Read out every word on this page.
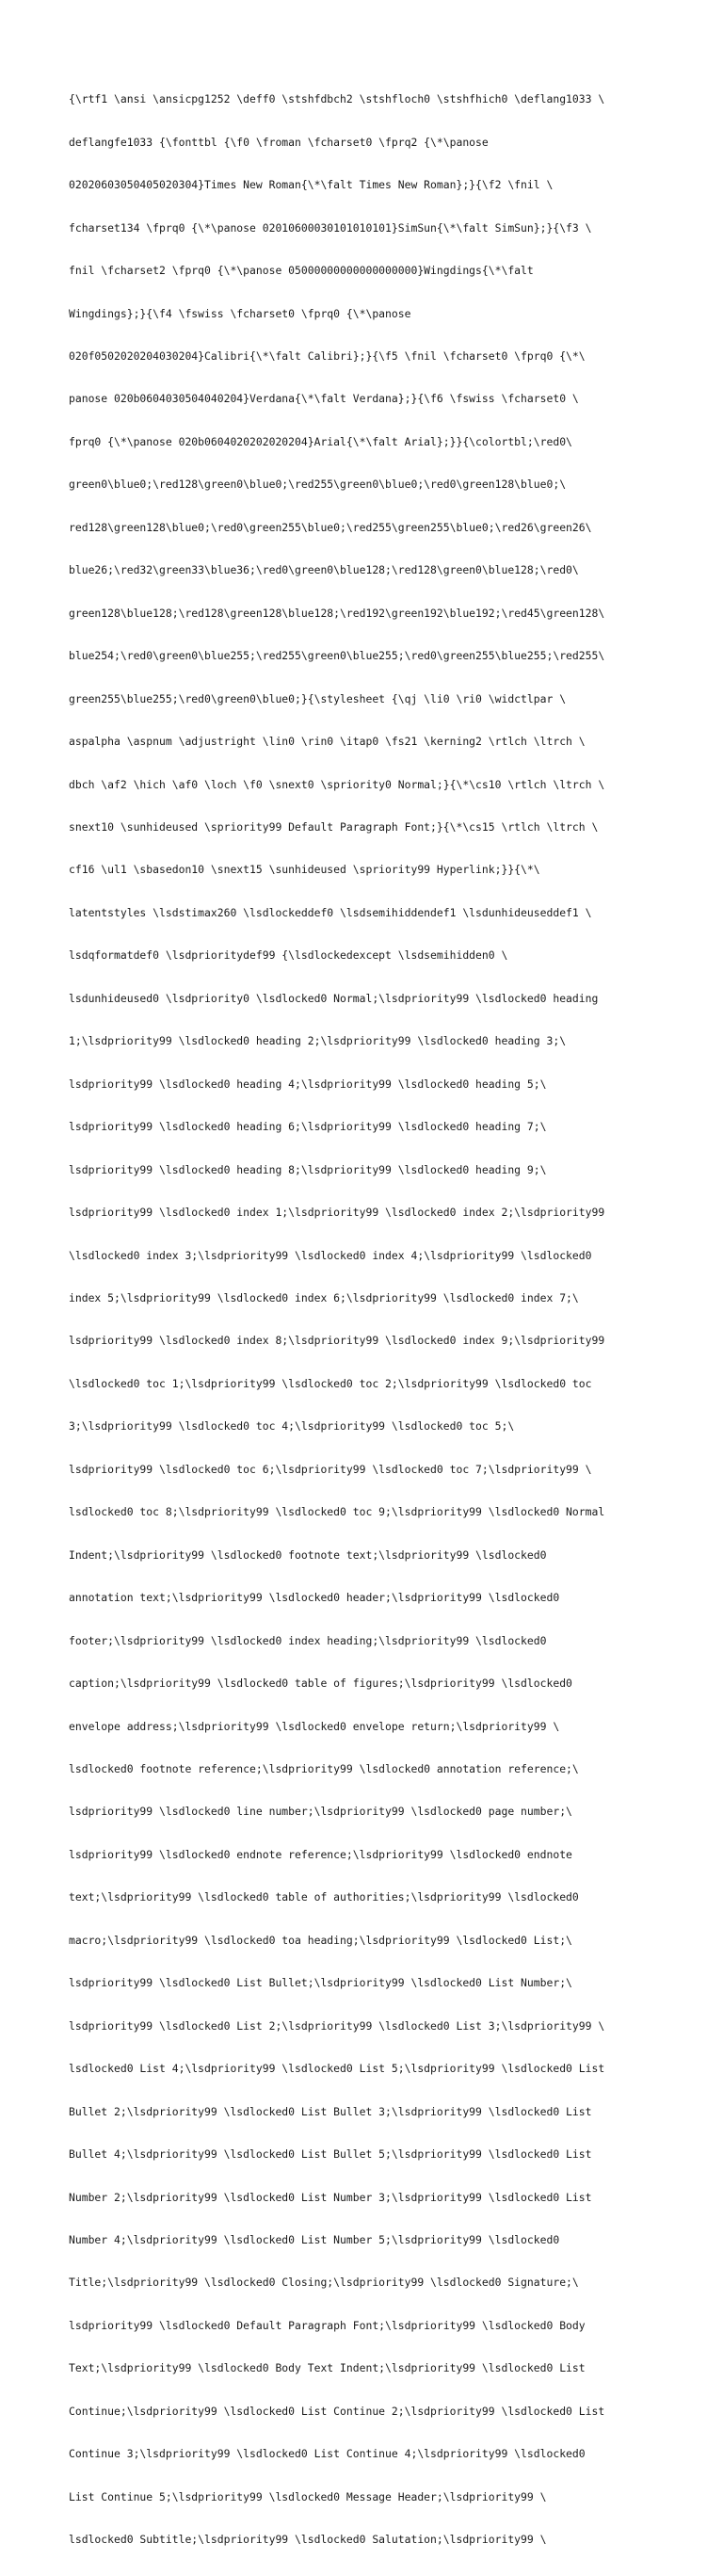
{\rtf1 \ansi \ansicpg1252 \deff0 \stshfdbch2 \stshfloch0 \stshfhich0 \deflang1033 \

deflangfe1033 {\fonttbl {\f0 \froman \fcharset0 \fprq2 {\*\panose

02020603050405020304}Times New Roman{\*\falt Times New Roman};}{\f2 \fnil \

fcharset134 \fprq0 {\*\panose 02010600030101010101}SimSun{\*\falt SimSun};}{\f3 \

fnil \fcharset2 \fprq0 {\*\panose 05000000000000000000}Wingdings{\*\falt

Wingdings};}{\f4 \fswiss \fcharset0 \fprq0 {\*\panose

020f0502020204030204}Calibri{\*\falt Calibri};}{\f5 \fnil \fcharset0 \fprq0 {\*\

panose 020b0604030504040204}Verdana{\*\falt Verdana};}{\f6 \fswiss \fcharset0 \

fprq0 {\*\panose 020b0604020202020204}Arial{\*\falt Arial};}}{\colortbl;\red0\

green0\blue0;\red128\green0\blue0;\red255\green0\blue0;\red0\green128\blue0;\

red128\green128\blue0;\red0\green255\blue0;\red255\green255\blue0;\red26\green26\

blue26;\red32\green33\blue36;\red0\green0\blue128;\red128\green0\blue128;\red0\

green128\blue128;\red128\green128\blue128;\red192\green192\blue192;\red45\green128\

blue254;\red0\green0\blue255;\red255\green0\blue255;\red0\green255\blue255;\red255\

green255\blue255;\red0\green0\blue0;}{\stylesheet {\qj \li0 \ri0 \widctlpar \

aspalpha \aspnum \adjustright \lin0 \rin0 \itap0 \fs21 \kerning2 \rtlch \ltrch \

dbch \af2 \hich \af0 \loch \f0 \snext0 \spriority0 Normal;}{\*\cs10 \rtlch \ltrch \

snext10 \sunhideused \spriority99 Default Paragraph Font;}{\*\cs15 \rtlch \ltrch \

cf16 \ul1 \sbasedon10 \snext15 \sunhideused \spriority99 Hyperlink;}}{\*\

latentstyles \lsdstimax260 \lsdlockeddef0 \lsdsemihiddendef1 \lsdunhideuseddef1 \

lsdqformatdef0 \lsdprioritydef99 {\lsdlockedexcept \lsdsemihidden0 \

lsdunhideused0 \lsdpriority0 \lsdlocked0 Normal;\lsdpriority99 \lsdlocked0 heading

1;\lsdpriority99 \lsdlocked0 heading 2;\lsdpriority99 \lsdlocked0 heading 3;\

lsdpriority99 \lsdlocked0 heading 4;\lsdpriority99 \lsdlocked0 heading 5;\

lsdpriority99 \lsdlocked0 heading 6;\lsdpriority99 \lsdlocked0 heading 7;\

lsdpriority99 \lsdlocked0 heading 8;\lsdpriority99 \lsdlocked0 heading 9;\

lsdpriority99 \lsdlocked0 index 1;\lsdpriority99 \lsdlocked0 index 2;\lsdpriority99

\lsdlocked0 index 3;\lsdpriority99 \lsdlocked0 index 4;\lsdpriority99 \lsdlocked0

index 5;\lsdpriority99 \lsdlocked0 index 6;\lsdpriority99 \lsdlocked0 index 7;\

lsdpriority99 \lsdlocked0 index 8;\lsdpriority99 \lsdlocked0 index 9;\lsdpriority99

\lsdlocked0 toc 1;\lsdpriority99 \lsdlocked0 toc 2;\lsdpriority99 \lsdlocked0 toc

3;\lsdpriority99 \lsdlocked0 toc 4;\lsdpriority99 \lsdlocked0 toc 5;\

lsdpriority99 \lsdlocked0 toc 6;\lsdpriority99 \lsdlocked0 toc 7;\lsdpriority99 \

lsdlocked0 toc 8;\lsdpriority99 \lsdlocked0 toc 9;\lsdpriority99 \lsdlocked0 Normal

Indent;\lsdpriority99 \lsdlocked0 footnote text;\lsdpriority99 \lsdlocked0

annotation text;\lsdpriority99 \lsdlocked0 header;\lsdpriority99 \lsdlocked0

footer;\lsdpriority99 \lsdlocked0 index heading;\lsdpriority99 \lsdlocked0

caption;\lsdpriority99 \lsdlocked0 table of figures;\lsdpriority99 \lsdlocked0

envelope address;\lsdpriority99 \lsdlocked0 envelope return;\lsdpriority99 \

lsdlocked0 footnote reference;\lsdpriority99 \lsdlocked0 annotation reference;\

lsdpriority99 \lsdlocked0 line number;\lsdpriority99 \lsdlocked0 page number;\

lsdpriority99 \lsdlocked0 endnote reference;\lsdpriority99 \lsdlocked0 endnote

text;\lsdpriority99 \lsdlocked0 table of authorities;\lsdpriority99 \lsdlocked0

macro;\lsdpriority99 \lsdlocked0 toa heading;\lsdpriority99 \lsdlocked0 List;\

lsdpriority99 \lsdlocked0 List Bullet;\lsdpriority99 \lsdlocked0 List Number;\

lsdpriority99 \lsdlocked0 List 2;\lsdpriority99 \lsdlocked0 List 3;\lsdpriority99 \

lsdlocked0 List 4;\lsdpriority99 \lsdlocked0 List 5;\lsdpriority99 \lsdlocked0 List

Bullet 2;\lsdpriority99 \lsdlocked0 List Bullet 3;\lsdpriority99 \lsdlocked0 List

Bullet 4;\lsdpriority99 \lsdlocked0 List Bullet 5;\lsdpriority99 \lsdlocked0 List

Number 2;\lsdpriority99 \lsdlocked0 List Number 3;\lsdpriority99 \lsdlocked0 List

Number 4;\lsdpriority99 \lsdlocked0 List Number 5;\lsdpriority99 \lsdlocked0

Title;\lsdpriority99 \lsdlocked0 Closing;\lsdpriority99 \lsdlocked0 Signature;\

lsdpriority99 \lsdlocked0 Default Paragraph Font;\lsdpriority99 \lsdlocked0 Body

Text;\lsdpriority99 \lsdlocked0 Body Text Indent;\lsdpriority99 \lsdlocked0 List

Continue;\lsdpriority99 \lsdlocked0 List Continue 2;\lsdpriority99 \lsdlocked0 List

Continue 3;\lsdpriority99 \lsdlocked0 List Continue 4;\lsdpriority99 \lsdlocked0

List Continue 5;\lsdpriority99 \lsdlocked0 Message Header;\lsdpriority99 \

lsdlocked0 Subtitle;\lsdpriority99 \lsdlocked0 Salutation;\lsdpriority99 \
